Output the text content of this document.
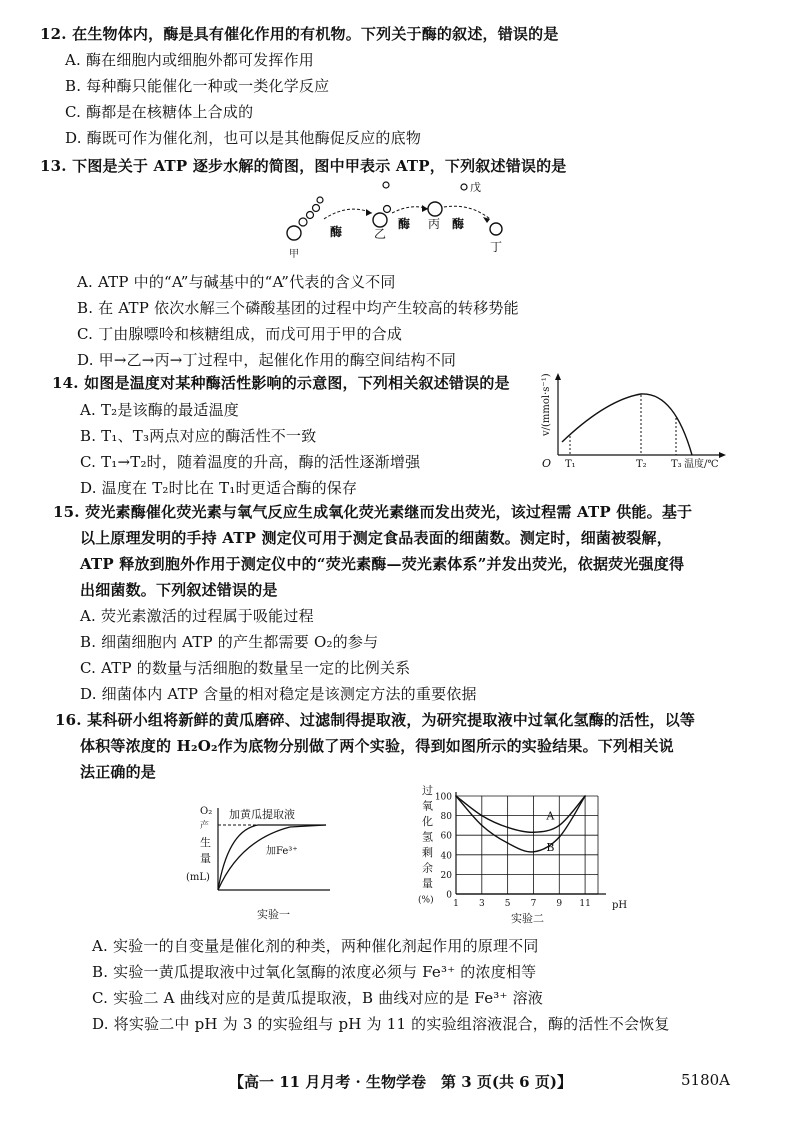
12. 在生物体内，酶是具有催化作用的有机物。下列关于酶的叙述，错误的是
A. 酶在细胞内或细胞外都可发挥作用
B. 每种酶只能催化一种或一类化学反应
C. 酶都是在核糖体上合成的
D. 酶既可作为催化剂，也可以是其他酶促反应的底物
13. 下图是关于 ATP 逐步水解的简图，图中甲表示 ATP，下列叙述错误的是
甲
酶	乙
酶 丙
戊
酶
丁
A. ATP 中的“A”与碱基中的“A”代表的含义不同
B. 在 ATP 依次水解三个磷酸基团的过程中均产生较高的转移势能
C. 丁由腺嘌呤和核糖组成，而戊可用于甲的合成
D. 甲→乙→丙→丁过程中，起催化作用的酶空间结构不同
14. 如图是温度对某种酶活性影响的示意图，下列相关叙述错误的是
A. T₂是该酶的最适温度
B. T₁、T₃两点对应的酶活性不一致
C. T₁→T₂时，随着温度的升高，酶的活性逐渐增强
D. 温度在 T₂时比在 T₁时更适合酶的保存
v/(mmol·s⁻¹)
O T₁	T₂ T₃ 温度/℃
15. 荧光素酶催化荧光素与氧气反应生成氧化荧光素继而发出荧光，该过程需 ATP 供能。基于
以上原理发明的手持 ATP 测定仪可用于测定食品表面的细菌数。测定时，细菌被裂解，
ATP 释放到胞外作用于测定仪中的“荧光素酶—荧光素体系”并发出荧光，依据荧光强度得
出细菌数。下列叙述错误的是
A. 荧光素激活的过程属于吸能过程
B. 细菌细胞内 ATP 的产生都需要 O₂的参与
C. ATP 的数量与活细胞的数量呈一定的比例关系
D. 细菌体内 ATP 含量的相对稳定是该测定方法的重要依据
16. 某科研小组将新鲜的黄瓜磨碎、过滤制得提取液，为研究提取液中过氧化氢酶的活性，以等
体积等浓度的 H₂O₂作为底物分别做了两个实验，得到如图所示的实验结果。下列相关说
法正确的是
O₂
产
生
量
(mL)
加黄瓜提取液
加Fe³⁺
实验一
过
氧
化
氢
剩
余
量
(%)
A
B
0
20
40
60
80
100
1 3 5 7 9 11 pH
实验二
A. 实验一的自变量是催化剂的种类，两种催化剂起作用的原理不同
B. 实验一黄瓜提取液中过氧化氢酶的浓度必须与 Fe³⁺ 的浓度相等
C. 实验二 A 曲线对应的是黄瓜提取液，B 曲线对应的是 Fe³⁺ 溶液
D. 将实验二中 pH 为 3 的实验组与 pH 为 11 的实验组溶液混合，酶的活性不会恢复
【高一 11 月月考 · 生物学卷　第 3 页(共 6 页)】	5180A
